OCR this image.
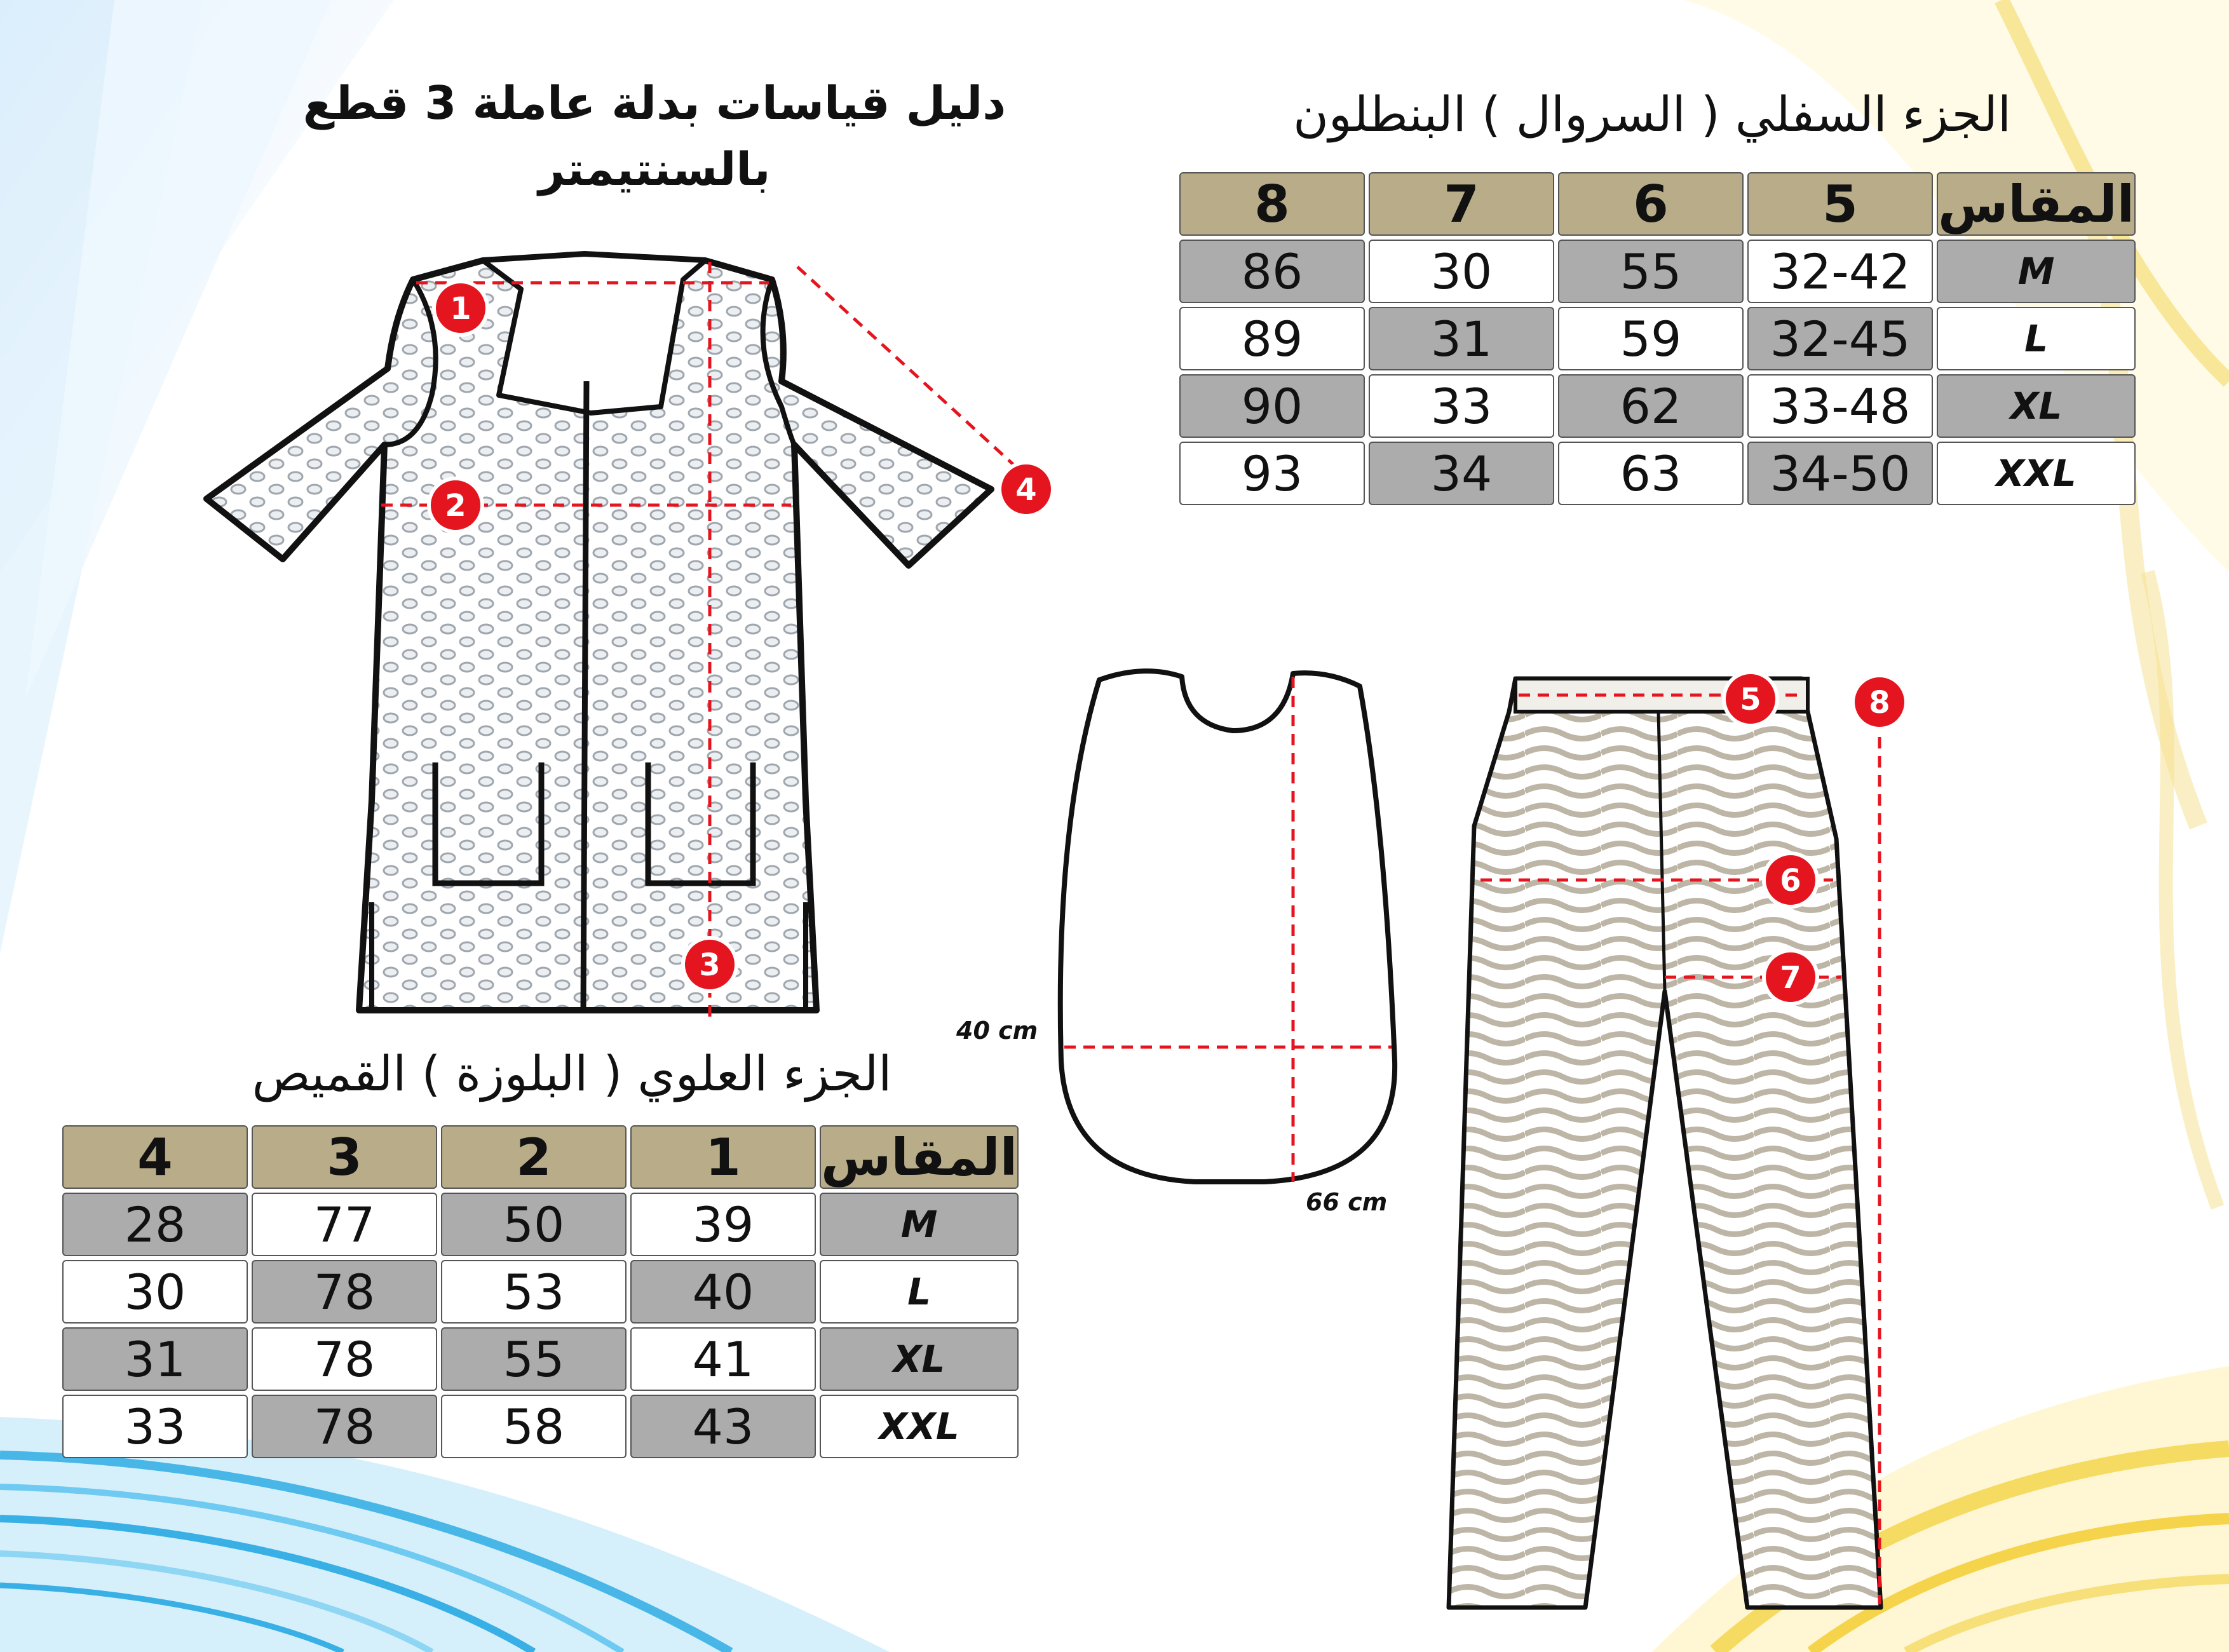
دليل قياسات بدلة عاملة 3 قطع
بالسنتيمتر
الجزء السفلي ( السروال ) البنطلون
الجزء العلوي ( البلوزة ) القميص
8	7	6	5	المقاس
86	30	55	32-42	M
89	31	59	32-45	L
90	33	62	33-48	XL
93	34	63	34-50	XXL
4	3	2	1	المقاس
28	77	50	39	M
30	78	53	40	L
31	78	55	41	XL
33	78	58	43	XXL
1
2
3
4
40 cm
66 cm
5
6
7
8
